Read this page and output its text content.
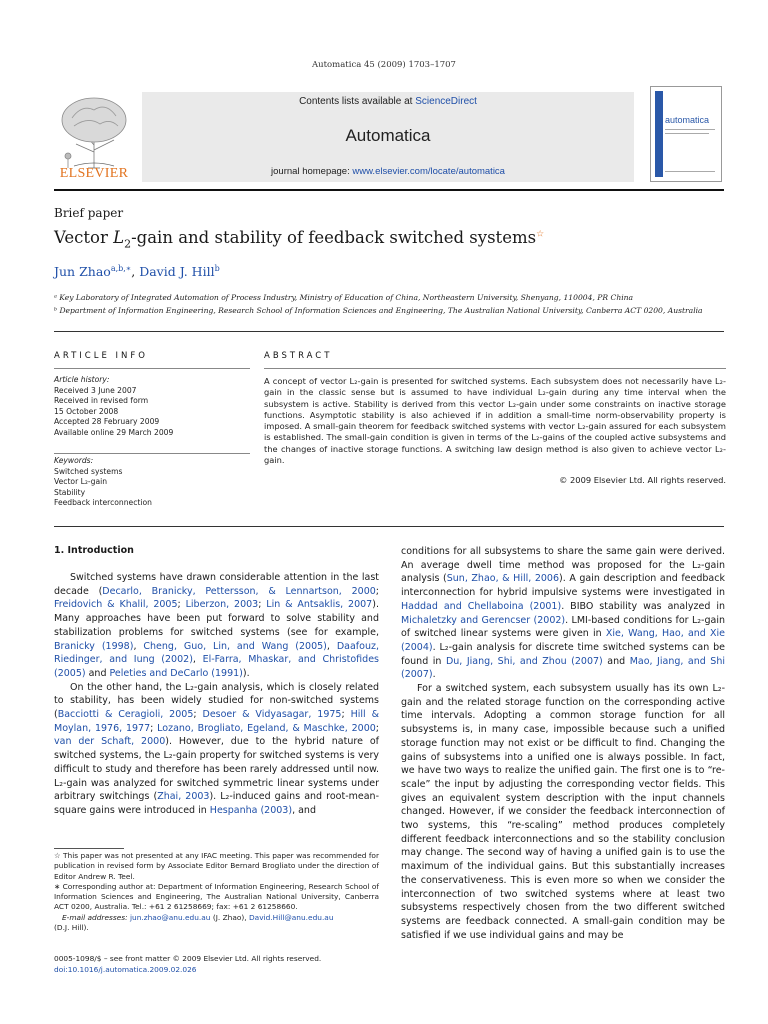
Automatica 45 (2009) 1703–1707
ELSEVIER
Contents lists available at ScienceDirect
Automatica
journal homepage: www.elsevier.com/locate/automatica
automatica
Brief paper
Vector $L_2$-gain and stability of feedback switched systems☆
Jun Zhao$^{a,b,∗}$, David J. Hill$^b$
ᵃ Key Laboratory of Integrated Automation of Process Industry, Ministry of Education of China, Northeastern University, Shenyang, 110004, PR China
ᵇ Department of Information Engineering, Research School of Information Sciences and Engineering, The Australian National University, Canberra ACT 0200, Australia
ARTICLE INFO
Article history:
Received 3 June 2007
Received in revised form
15 October 2008
Accepted 28 February 2009
Available online 29 March 2009
Keywords:
Switched systems
Vector L₂-gain
Stability
Feedback interconnection
ABSTRACT
A concept of vector L₂-gain is presented for switched systems. Each subsystem does not necessarily have L₂-gain in the classic sense but is assumed to have individual L₂-gain during any time interval when the subsystem is active. Stability is derived from this vector L₂-gain under some constraints on inactive storage functions. Asymptotic stability is also achieved if in addition a small-time norm-observability property is imposed. A small-gain theorem for feedback switched systems with vector L₂-gain assured for each subsystem is established. The small-gain condition is given in terms of the L₂-gains of the coupled active subsystems and the changes of inactive storage functions. A switching law design method is also given to achieve vector L₂-gain.
© 2009 Elsevier Ltd. All rights reserved.
1. Introduction

Switched systems have drawn considerable attention in the last decade (Decarlo, Branicky, Pettersson, & Lennartson, 2000; Freidovich & Khalil, 2005; Liberzon, 2003; Lin & Antsaklis, 2007). Many approaches have been put forward to solve stability and stabilization problems for switched systems (see for example, Branicky (1998), Cheng, Guo, Lin, and Wang (2005), Daafouz, Riedinger, and Iung (2002), El-Farra, Mhaskar, and Christofides (2005) and Peleties and DeCarlo (1991)).

On the other hand, the L₂-gain analysis, which is closely related to stability, has been widely studied for non-switched systems (Bacciotti & Ceragioli, 2005; Desoer & Vidyasagar, 1975; Hill & Moylan, 1976, 1977; Lozano, Brogliato, Egeland, & Maschke, 2000; van der Schaft, 2000). However, due to the hybrid nature of switched systems, the L₂-gain property for switched systems is very difficult to study and therefore has been rarely addressed until now. L₂-gain was analyzed for switched symmetric linear systems under arbitrary switchings (Zhai, 2003). L₂-induced gains and root-mean-square gains were introduced in Hespanha (2003), and

conditions for all subsystems to share the same gain were derived. An average dwell time method was proposed for the L₂-gain analysis (Sun, Zhao, & Hill, 2006). A gain description and feedback interconnection for hybrid impulsive systems were investigated in Haddad and Chellaboina (2001). BIBO stability was analyzed in Michaletzky and Gerencser (2002). LMI-based conditions for L₂-gain of switched linear systems were given in Xie, Wang, Hao, and Xie (2004). L₂-gain analysis for discrete time switched systems can be found in Du, Jiang, Shi, and Zhou (2007) and Mao, Jiang, and Shi (2007).

For a switched system, each subsystem usually has its own L₂-gain and the related storage function on the corresponding active time intervals. Adopting a common storage function for all subsystems is, in many case, impossible because such a unified storage function may not exist or be difficult to find. Changing the gains of subsystems into a unified one is always possible. In fact, we have two ways to realize the unified gain. The first one is to “re-scale” the input by adjusting the corresponding vector fields. This gives an equivalent system description with the input channels changed. However, if we consider the feedback interconnection of two systems, this “re-scaling” method produces completely different feedback interconnections and so the stability conclusion may change. The second way of having a unified gain is to use the maximum of the individual gains. But this substantially increases the conservativeness. This is even more so when we consider the interconnection of two switched systems where at least two subsystems respectively chosen from the two different switched systems are feedback connected. A small-gain condition may be satisfied if we use individual gains and may be

☆ This paper was not presented at any IFAC meeting. This paper was recommended for publication in revised form by Associate Editor Bernard Brogliato under the direction of Editor Andrew R. Teel.
∗ Corresponding author at: Department of Information Engineering, Research School of Information Sciences and Engineering, The Australian National University, Canberra ACT 0200, Australia. Tel.: +61 2 61258669; fax: +61 2 61258660.
E-mail addresses: jun.zhao@anu.edu.au (J. Zhao), David.Hill@anu.edu.au
(D.J. Hill).
0005-1098/$ – see front matter © 2009 Elsevier Ltd. All rights reserved.
doi:10.1016/j.automatica.2009.02.026
